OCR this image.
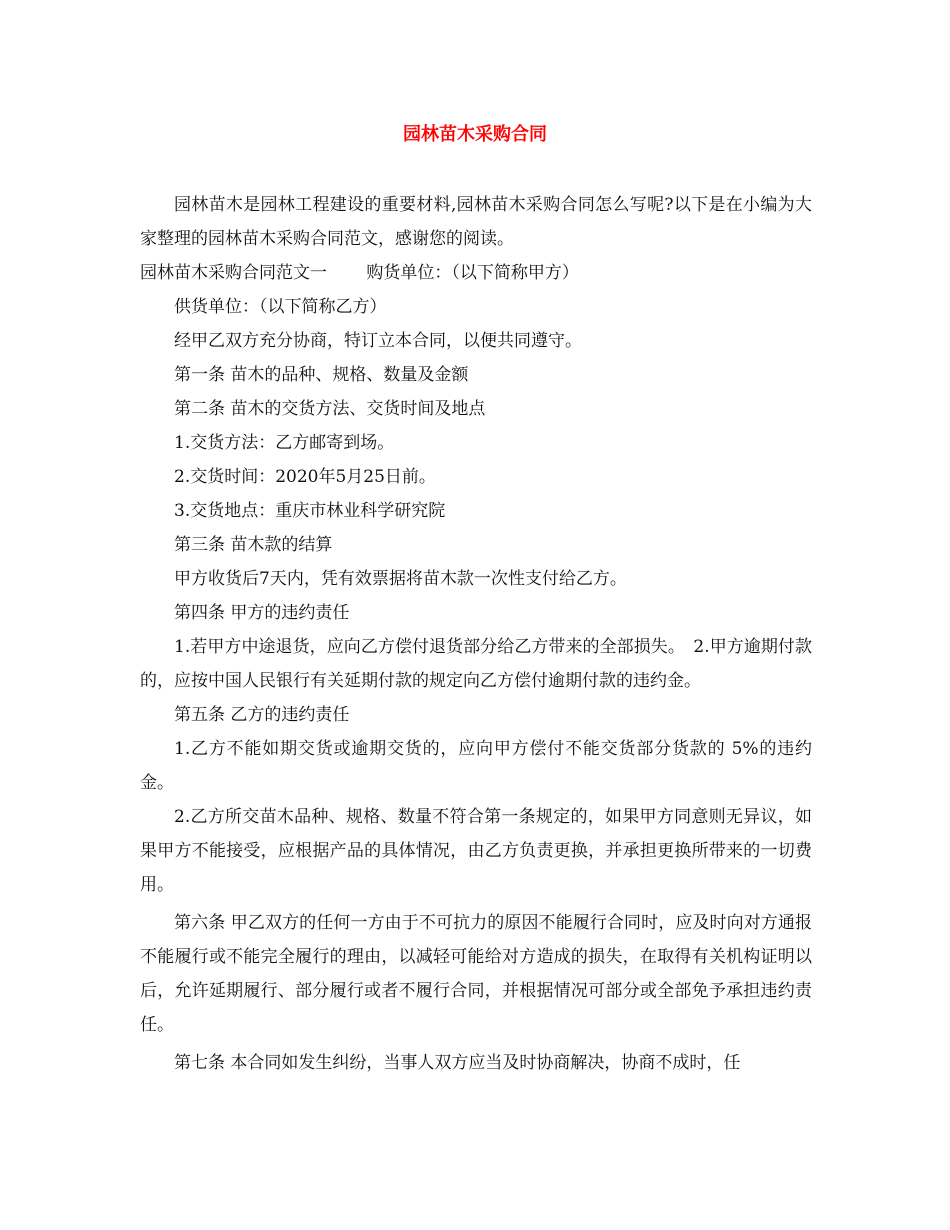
园林苗木采购合同

园林苗木是园林工程建设的重要材料,园林苗木采购合同怎么写呢?以下是在小编为大家整理的园林苗木采购合同范文，感谢您的阅读。

园林苗木采购合同范文一　　 购货单位：（以下简称甲方）

供货单位：（以下简称乙方）

经甲乙双方充分协商，特订立本合同，以便共同遵守。

第一条 苗木的品种、规格、数量及金额

第二条 苗木的交货方法、交货时间及地点

1.交货方法：乙方邮寄到场。

2.交货时间：2020年5月25日前。

3.交货地点：重庆市林业科学研究院

第三条 苗木款的结算

甲方收货后7天内，凭有效票据将苗木款一次性支付给乙方。

第四条 甲方的违约责任

1.若甲方中途退货，应向乙方偿付退货部分给乙方带来的全部损失。　2.甲方逾期付款的，应按中国人民银行有关延期付款的规定向乙方偿付逾期付款的违约金。

第五条 乙方的违约责任

1.乙方不能如期交货或逾期交货的，应向甲方偿付不能交货部分货款的 5%的违约金。

2.乙方所交苗木品种、规格、数量不符合第一条规定的，如果甲方同意则无异议，如果甲方不能接受，应根据产品的具体情况，由乙方负责更换，并承担更换所带来的一切费用。

第六条 甲乙双方的任何一方由于不可抗力的原因不能履行合同时，应及时向对方通报不能履行或不能完全履行的理由，以减轻可能给对方造成的损失，在取得有关机构证明以后，允许延期履行、部分履行或者不履行合同，并根据情况可部分或全部免予承担违约责任。

第七条 本合同如发生纠纷，当事人双方应当及时协商解决，协商不成时，任
